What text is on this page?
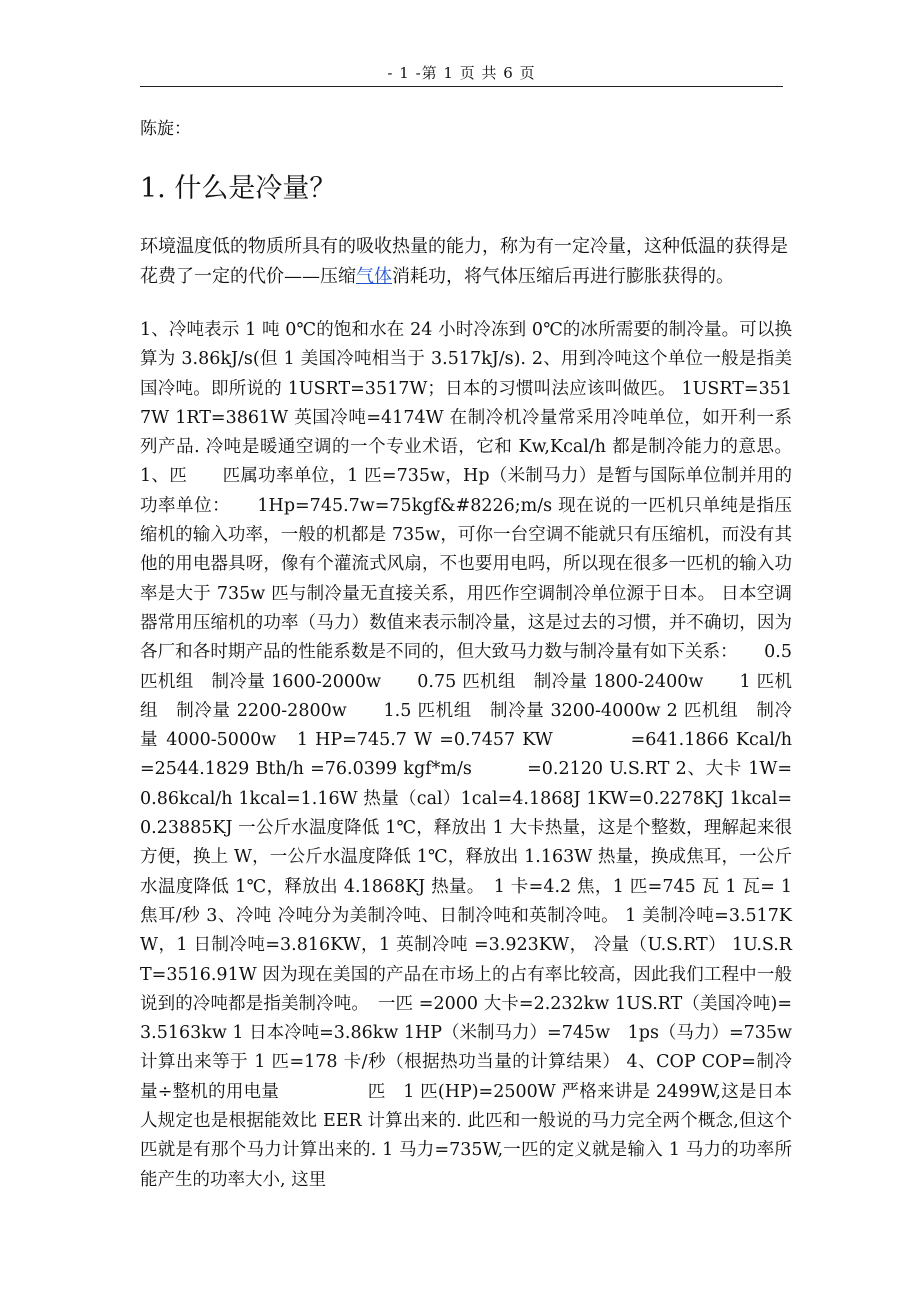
- 1 -第 1 页 共 6 页
陈旋：
1. 什么是冷量？

环境温度低的物质所具有的吸收热量的能力，称为有一定冷量，这种低温的获得是花费了一定的代价——压缩气体消耗功，将气体压缩后再进行膨胀获得的。

1、冷吨表示 1 吨 0℃的饱和水在 24 小时冷冻到 0℃的冰所需要的制冷量。可以换算为 3.86kJ/s(但 1 美国冷吨相当于 3.517kJ/s). 2、用到冷吨这个单位一般是指美国冷吨。即所说的 1USRT=3517W；日本的习惯叫法应该叫做匹。 1USRT=3517W 1RT=3861W 英国冷吨=4174W 在制冷机冷量常采用冷吨单位，如开利一系列产品. 冷吨是暖通空调的一个专业术语，它和 Kw,Kcal/h 都是制冷能力的意思。1、匹　　匹属功率单位，1 匹=735w，Hp（米制马力）是暂与国际单位制并用的功率单位：　　1Hp=745.7w=75kgf&#8226;m/s 现在说的一匹机只单纯是指压缩机的输入功率，一般的机都是 735w，可你一台空调不能就只有压缩机，而没有其他的用电器具呀，像有个灌流式风扇，不也要用电吗，所以现在很多一匹机的输入功率是大于 735w 匹与制冷量无直接关系，用匹作空调制冷单位源于日本。 日本空调器常用压缩机的功率（马力）数值来表示制冷量，这是过去的习惯，并不确切，因为各厂和各时期产品的性能系数是不同的，但大致马力数与制冷量有如下关系：　　0.5 匹机组　制冷量 1600-2000w　　0.75 匹机组　制冷量 1800-2400w　　1 匹机组　制冷量 2200-2800w　　1.5 匹机组　制冷量 3200-4000w 2 匹机组　制冷量 4000-5000w　1 HP=745.7 W =0.7457 KW　　　　=641.1866 Kcal/h　　　　=2544.1829 Bth/h =76.0399 kgf*m/s　　　=0.2120 U.S.RT 2、大卡 1W=0.86kcal/h 1kcal=1.16W 热量（cal）1cal=4.1868J 1KW=0.2278KJ 1kcal=0.23885KJ 一公斤水温度降低 1℃，释放出 1 大卡热量，这是个整数，理解起来很方便，换上 W，一公斤水温度降低 1℃，释放出 1.163W 热量，换成焦耳，一公斤水温度降低 1℃，释放出 4.1868KJ 热量。　1 卡=4.2 焦，1 匹=745 瓦 1 瓦= 1 焦耳/秒 3、冷吨 冷吨分为美制冷吨、日制冷吨和英制冷吨。 1 美制冷吨=3.517KW，1 日制冷吨=3.816KW，1 英制冷吨 =3.923KW， 冷量（U.S.RT） 1U.S.RT=3516.91W 因为现在美国的产品在市场上的占有率比较高，因此我们工程中一般说到的冷吨都是指美制冷吨。　一匹 =2000 大卡=2.232kw 1US.RT（美国冷吨)=3.5163kw 1 日本冷吨=3.86kw 1HP（米制马力）=745w　1ps（马力）=735w 计算出来等于 1 匹=178 卡/秒（根据热功当量的计算结果） 4、COP COP=制冷量÷整机的用电量　　　　　匹　1 匹(HP)=2500W 严格来讲是 2499W,这是日本人规定也是根据能效比 EER 计算出来的. 此匹和一般说的马力完全两个概念,但这个匹就是有那个马力计算出来的. 1 马力=735W,一匹的定义就是输入 1 马力的功率所能产生的功率大小, 这里
